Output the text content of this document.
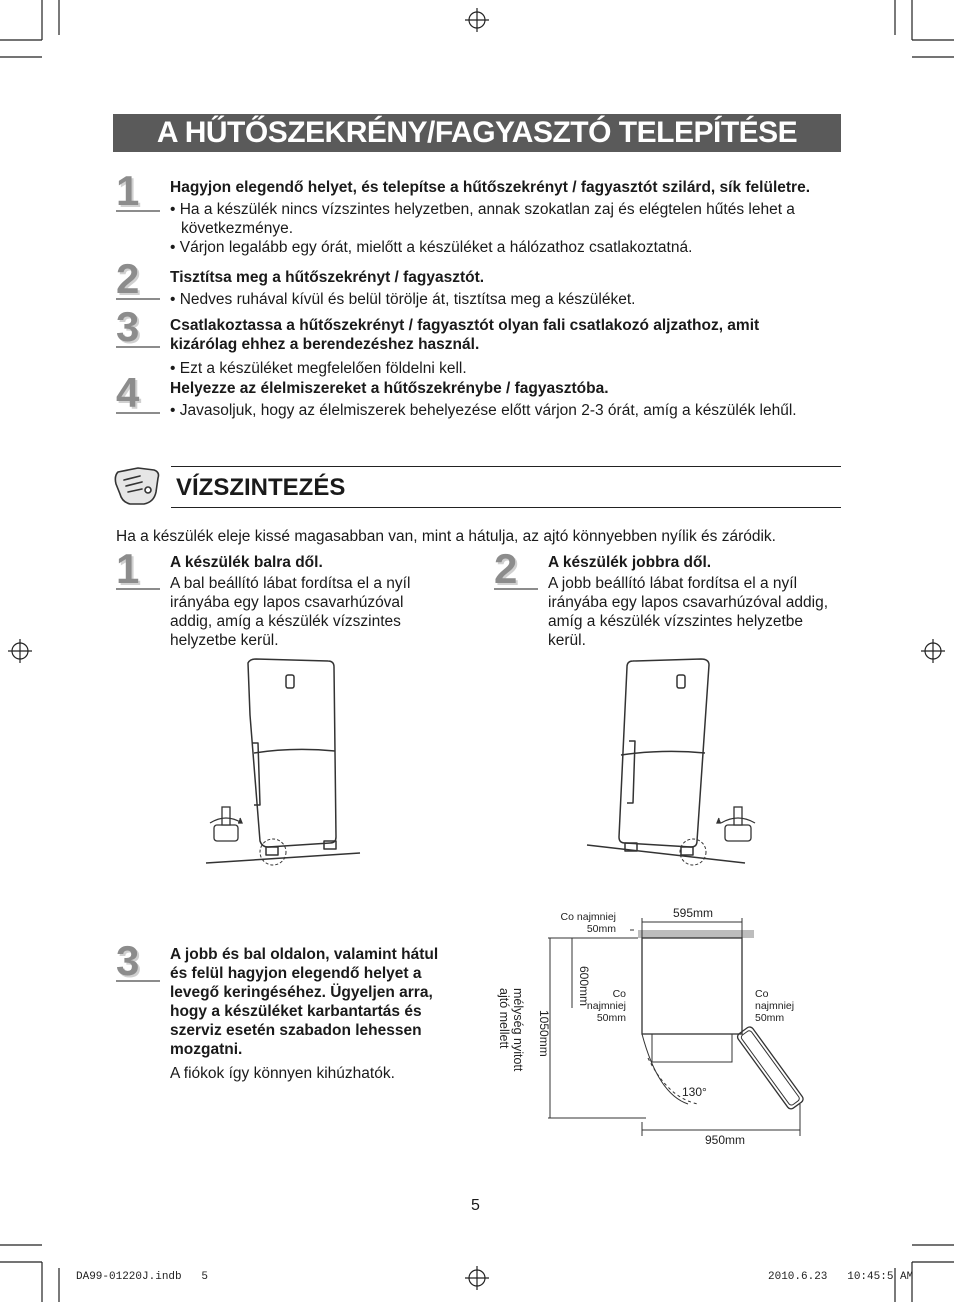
A HŰTŐSZEKRÉNY/FAGYASZTÓ TELEPÍTÉSE
1	Hagyjon elegendő helyet, és telepítse a hűtőszekrényt / fagyasztót szilárd, sík felületre.
• Ha a készülék nincs vízszintes helyzetben, annak szokatlan zaj és elégtelen hűtés lehet a következménye.
• Várjon legalább egy órát, mielőtt a készüléket a hálózathoz csatlakoztatná.
2	Tisztítsa meg a hűtőszekrényt / fagyasztót.
• Nedves ruhával kívül és belül törölje át, tisztítsa meg a készüléket.
3	Csatlakoztassa a hűtőszekrényt / fagyasztót olyan fali csatlakozó aljzathoz, amit kizárólag ehhez a berendezéshez használ.
• Ezt a készüléket megfelelően földelni kell.
4	Helyezze az élelmiszereket a hűtőszekrénybe / fagyasztóba.
• Javasoljuk, hogy az élelmiszerek behelyezése előtt várjon 2-3 órát, amíg a készülék lehűl.
VÍZSZINTEZÉS
Ha a készülék eleje kissé magasabban van, mint a hátulja, az ajtó könnyebben nyílik és záródik.
1	A készülék balra dől.
A bal beállító lábat fordítsa el a nyíl irányába egy lapos csavarhúzóval addig, amíg a készülék vízszintes helyzetbe kerül.
2	A készülék jobbra dől.
A jobb beállító lábat fordítsa el a nyíl irányába egy lapos csavarhúzóval addig, amíg a készülék vízszintes helyzetbe kerül.
3	A jobb és bal oldalon, valamint hátul és felül hagyjon elegendő helyet a levegő keringéséhez. Ügyeljen arra, hogy a készüléket karbantartás és szerviz esetén szabadon lehessen mozgatni.
A fiókok így könnyen kihúzhatók.
Co najmniej
50mm
595mm
600mm	Co
najmniej
50mm
Co
najmniej
50mm
1050mm
mélység nyitott
ajtó mellett
130°
950mm
5
DA99-01220J.indb   5	2010.6.23   10:45:5 AM
